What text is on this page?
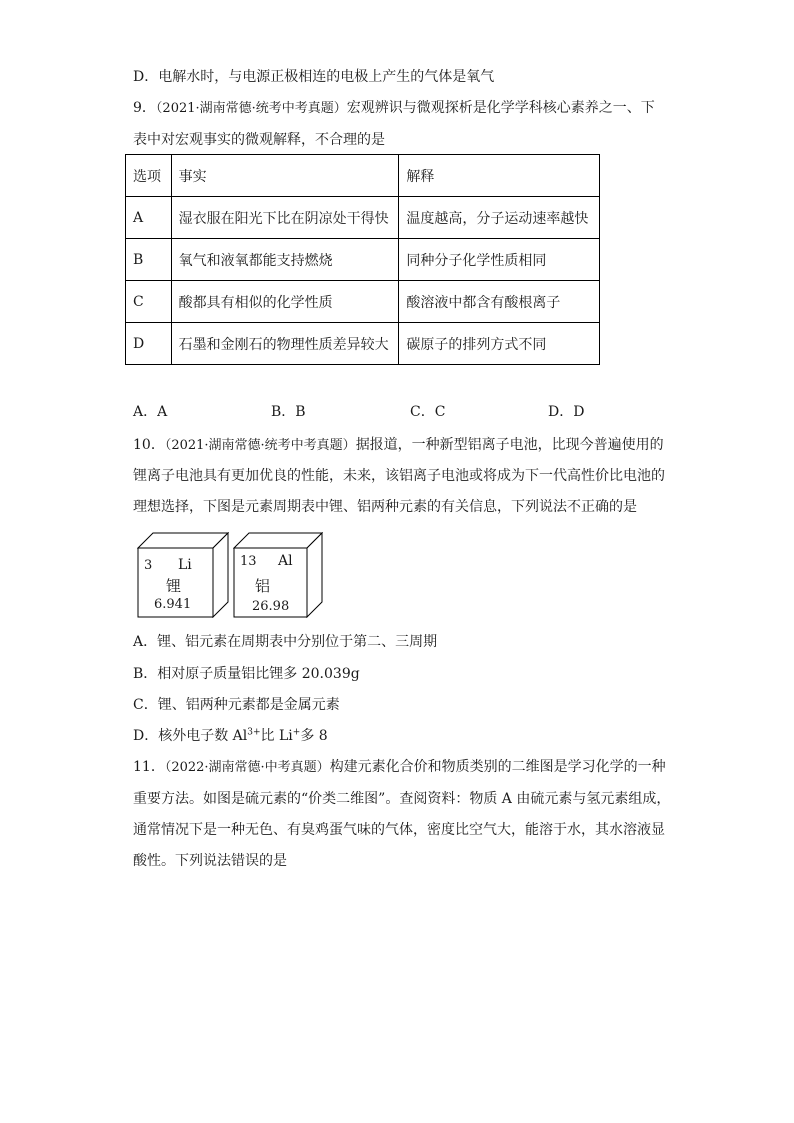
D．电解水时，与电源正极相连的电极上产生的气体是氧气
9．（2021·湖南常德·统考中考真题）宏观辨识与微观探析是化学学科核心素养之一、下
表中对宏观事实的微观解释，不合理的是
选项	事实	解释
A	湿衣服在阳光下比在阴凉处干得快	温度越高，分子运动速率越快
B	氧气和液氧都能支持燃烧	同种分子化学性质相同
C	酸都具有相似的化学性质	酸溶液中都含有酸根离子
D	石墨和金刚石的物理性质差异较大	碳原子的排列方式不同
A．A	B．B	C．C	D．D
10．（2021·湖南常德·统考中考真题）据报道，一种新型铝离子电池，比现今普遍使用的
锂离子电池具有更加优良的性能，未来，该铝离子电池或将成为下一代高性价比电池的
理想选择，下图是元素周期表中锂、铝两种元素的有关信息，下列说法不正确的是
3 Li
锂
6.941
13 Al
铝
26.98
A．锂、铝元素在周期表中分别位于第二、三周期
B．相对原子质量铝比锂多 20.039g
C．锂、铝两种元素都是金属元素
D．核外电子数 $Al^{3+}$比 Li+多 8
11．（2022·湖南常德·中考真题）构建元素化合价和物质类别的二维图是学习化学的一种
重要方法。如图是硫元素的“价类二维图”。查阅资料：物质 A 由硫元素与氢元素组成，
通常情况下是一种无色、有臭鸡蛋气味的气体，密度比空气大，能溶于水，其水溶液显
酸性。下列说法错误的是
